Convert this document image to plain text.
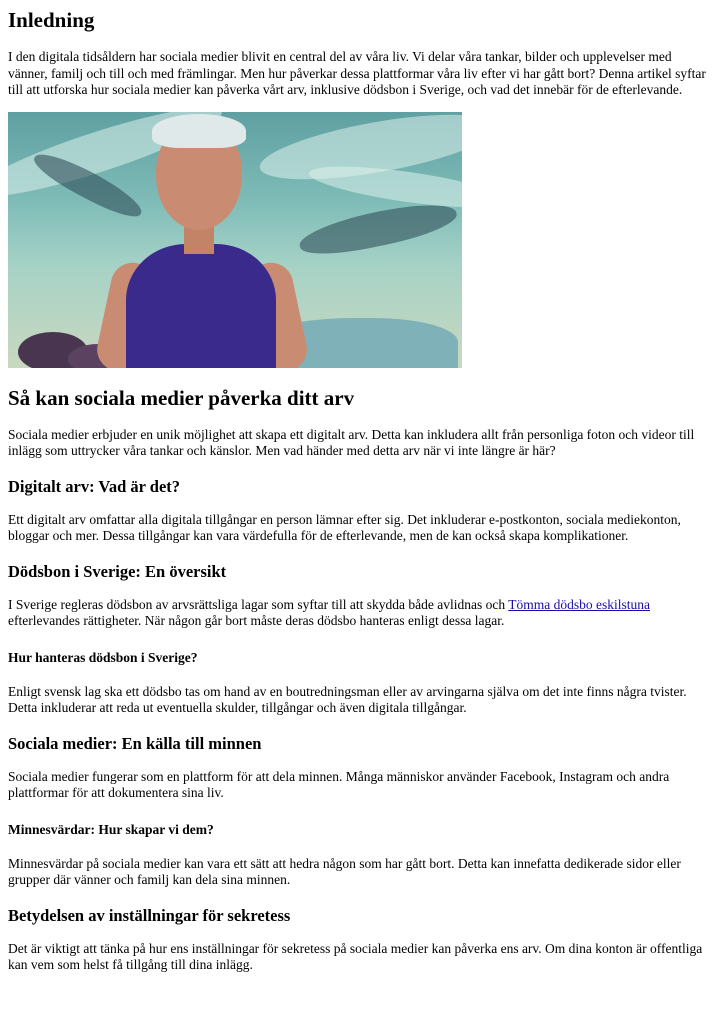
Inledning

I den digitala tidsåldern har sociala medier blivit en central del av våra liv. Vi delar våra tankar, bilder och upplevelser med vänner, familj och till och med främlingar. Men hur påverkar dessa plattformar våra liv efter vi har gått bort? Denna artikel syftar till att utforska hur sociala medier kan påverka vårt arv, inklusive dödsbon i Sverige, och vad det innebär för de efterlevande.

Så kan sociala medier påverka ditt arv

Sociala medier erbjuder en unik möjlighet att skapa ett digitalt arv. Detta kan inkludera allt från personliga foton och videor till inlägg som uttrycker våra tankar och känslor. Men vad händer med detta arv när vi inte längre är här?

Digitalt arv: Vad är det?

Ett digitalt arv omfattar alla digitala tillgångar en person lämnar efter sig. Det inkluderar e-postkonton, sociala mediekonton, bloggar och mer. Dessa tillgångar kan vara värdefulla för de efterlevande, men de kan också skapa komplikationer.

Dödsbon i Sverige: En översikt

I Sverige regleras dödsbon av arvsrättsliga lagar som syftar till att skydda både avlidnas och Tömma dödsbo eskilstuna efterlevandes rättigheter. När någon går bort måste deras dödsbo hanteras enligt dessa lagar.

Hur hanteras dödsbon i Sverige?

Enligt svensk lag ska ett dödsbo tas om hand av en boutredningsman eller av arvingarna själva om det inte finns några tvister. Detta inkluderar att reda ut eventuella skulder, tillgångar och även digitala tillgångar.

Sociala medier: En källa till minnen

Sociala medier fungerar som en plattform för att dela minnen. Många människor använder Facebook, Instagram och andra plattformar för att dokumentera sina liv.

Minnesvärdar: Hur skapar vi dem?

Minnesvärdar på sociala medier kan vara ett sätt att hedra någon som har gått bort. Detta kan innefatta dedikerade sidor eller grupper där vänner och familj kan dela sina minnen.

Betydelsen av inställningar för sekretess

Det är viktigt att tänka på hur ens inställningar för sekretess på sociala medier kan påverka ens arv. Om dina konton är offentliga kan vem som helst få tillgång till dina inlägg.
